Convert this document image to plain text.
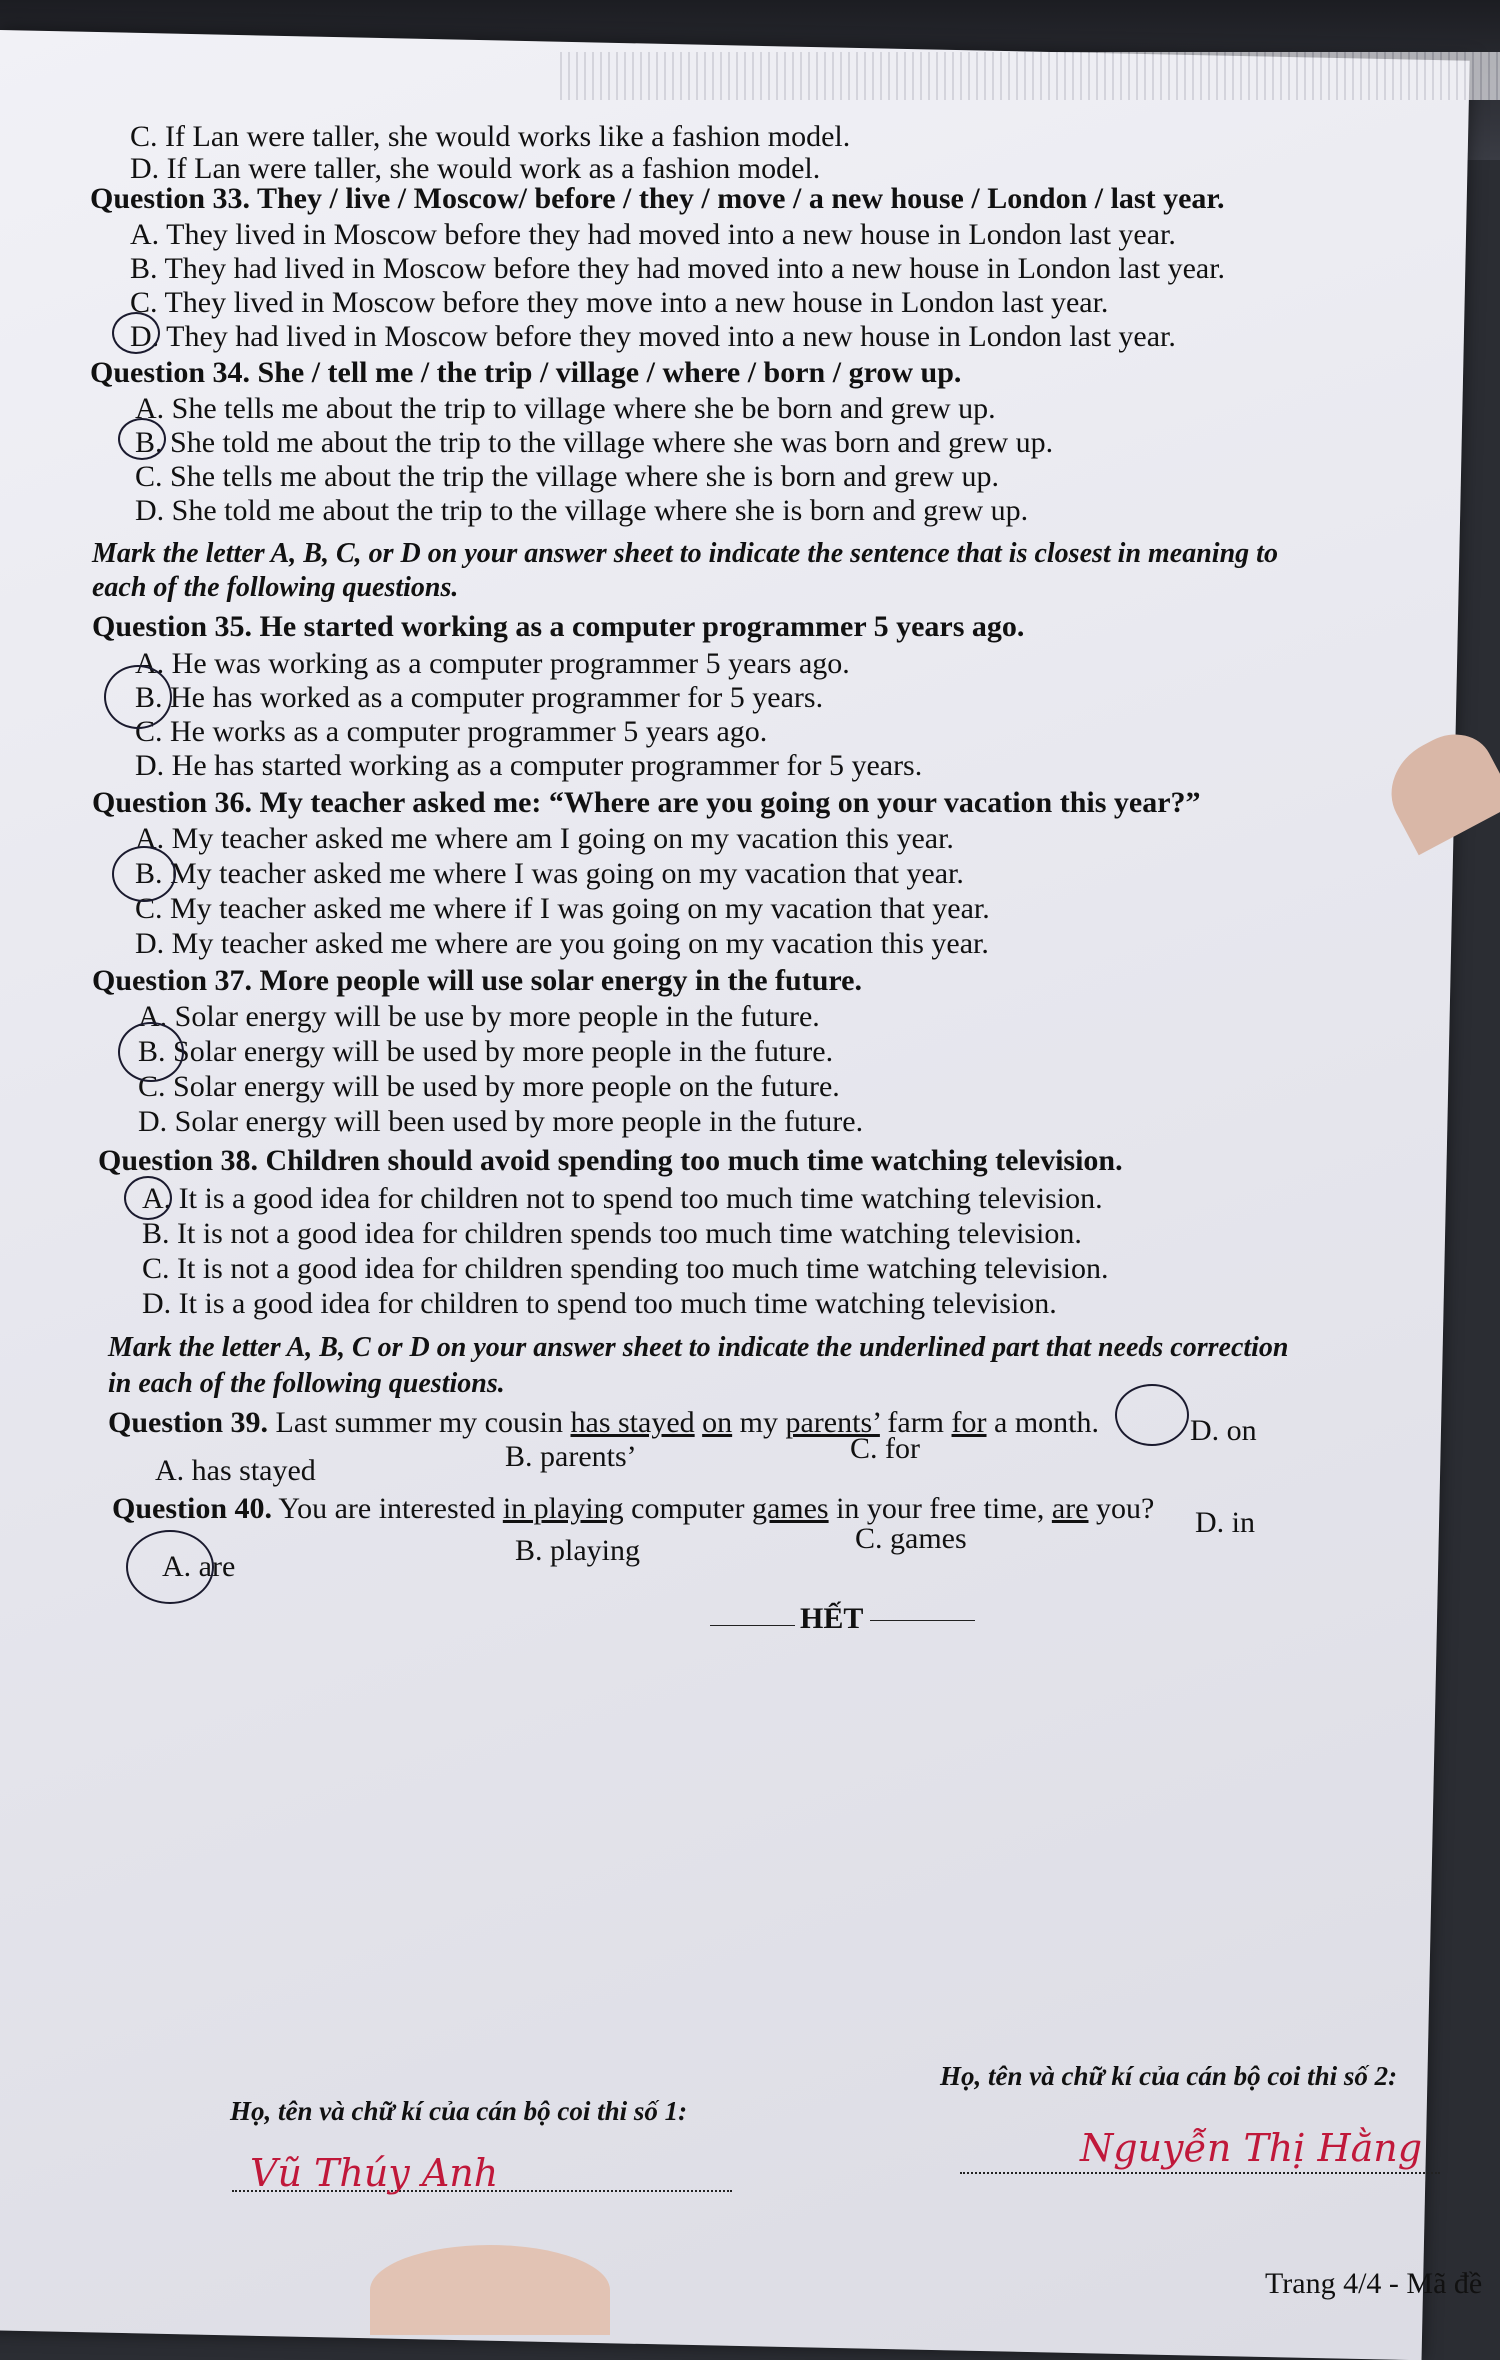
C. If Lan were taller, she would works like a fashion model.
D. If Lan were taller, she would work as a fashion model.
Question 33. They / live / Moscow/ before / they / move / a new house / London / last year.
A. They lived in Moscow before they had moved into a new house in London last year.
B. They had lived in Moscow before they had moved into a new house in London last year.
C. They lived in Moscow before they move into a new house in London last year.
D. They had lived in Moscow before they moved into a new house in London last year.
Question 34. She / tell me / the trip / village / where / born / grow up.
A. She tells me about the trip to village where she be born and grew up.
B. She told me about the trip to the village where she was born and grew up.
C. She tells me about the trip the village where she is born and grew up.
D. She told me about the trip to the village where she is born and grew up.
Mark the letter A, B, C, or D on your answer sheet to indicate the sentence that is closest in meaning to
each of the following questions.
Question 35. He started working as a computer programmer 5 years ago.
A. He was working as a computer programmer 5 years ago.
B. He has worked as a computer programmer for 5 years.
C. He works as a computer programmer 5 years ago.
D. He has started working as a computer programmer for 5 years.
Question 36. My teacher asked me: “Where are you going on your vacation this year?”
A. My teacher asked me where am I going on my vacation this year.
B. My teacher asked me where I was going on my vacation that year.
C. My teacher asked me where if I was going on my vacation that year.
D. My teacher asked me where are you going on my vacation this year.
Question 37. More people will use solar energy in the future.
A. Solar energy will be use by more people in the future.
B. Solar energy will be used by more people in the future.
C. Solar energy will be used by more people on the future.
D. Solar energy will been used by more people in the future.
Question 38. Children should avoid spending too much time watching television.
A. It is a good idea for children not to spend too much time watching television.
B. It is not a good idea for children spends too much time watching television.
C. It is not a good idea for children spending too much time watching television.
D. It is a good idea for children to spend too much time watching television.
Mark the letter A, B, C or D on your answer sheet to indicate the underlined part that needs correction
in each of the following questions.
Question 39. Last summer my cousin has stayed on my parents’ farm for a month.
A. has stayed	B. parents’	C. for
D. on
Question 40. You are interested in playing computer games in your free time, are you?
A. are	B. playing	C. games	D. in
HẾT
Họ, tên và chữ kí của cán bộ coi thi số 1:
Họ, tên và chữ kí của cán bộ coi thi số 2:
Vũ Thúy Anh
Nguyễn Thị Hằng
Trang 4/4 - Mã đề
